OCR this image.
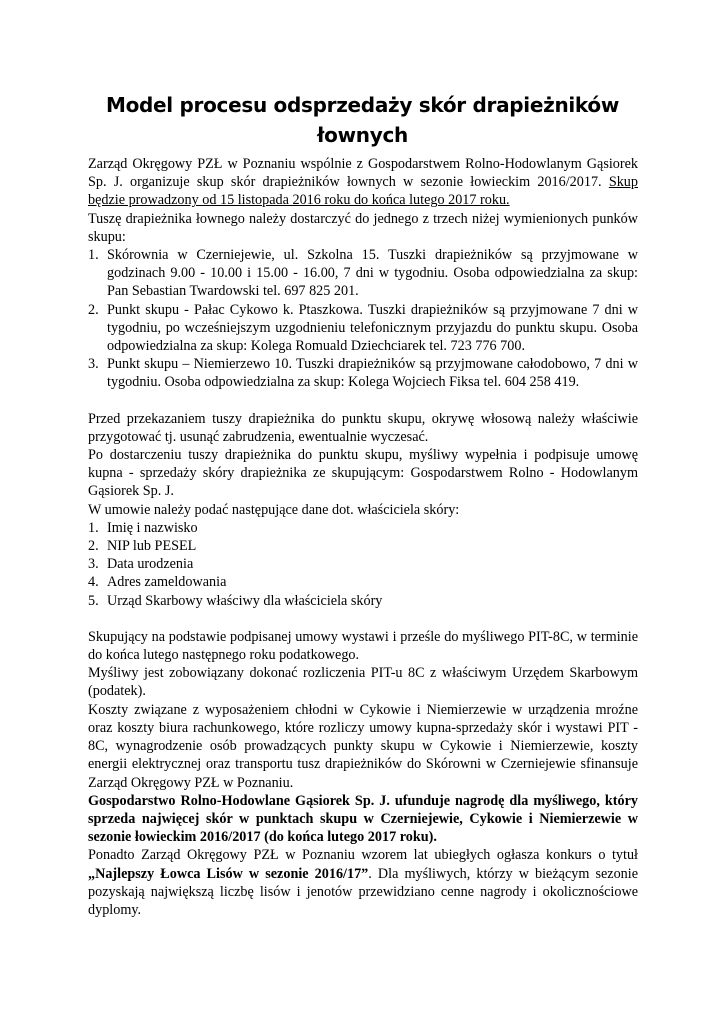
Model procesu odsprzedaży skór drapieżników łownych

Zarząd Okręgowy PZŁ w Poznaniu wspólnie z Gospodarstwem Rolno-Hodowlanym Gąsiorek Sp. J. organizuje skup skór drapieżników łownych w sezonie łowieckim 2016/2017. Skup będzie prowadzony od 15 listopada 2016 roku do końca lutego 2017 roku.

Tuszę drapieżnika łownego należy dostarczyć do jednego z trzech niżej wymienionych punków skupu:

1. Skórownia w Czerniejewie, ul. Szkolna 15. Tuszki drapieżników są przyjmowane w godzinach 9.00 - 10.00 i 15.00 - 16.00, 7 dni w tygodniu. Osoba odpowiedzialna za skup: Pan Sebastian Twardowski tel. 697 825 201.
2. Punkt skupu - Pałac Cykowo k. Ptaszkowa. Tuszki drapieżników są przyjmowane 7 dni w tygodniu, po wcześniejszym uzgodnieniu telefonicznym przyjazdu do punktu skupu. Osoba odpowiedzialna za skup: Kolega Romuald Dziechciarek tel. 723 776 700.
3. Punkt skupu – Niemierzewo 10. Tuszki drapieżników są przyjmowane całodobowo, 7 dni w tygodniu. Osoba odpowiedzialna za skup: Kolega Wojciech Fiksa tel. 604 258 419.

Przed przekazaniem tuszy drapieżnika do punktu skupu, okrywę włosową należy właściwie przygotować tj. usunąć zabrudzenia, ewentualnie wyczesać.

Po dostarczeniu tuszy drapieżnika do punktu skupu, myśliwy wypełnia i podpisuje umowę kupna - sprzedaży skóry drapieżnika ze skupującym: Gospodarstwem Rolno - Hodowlanym Gąsiorek Sp. J.

W umowie należy podać następujące dane dot. właściciela skóry:

1. Imię i nazwisko
2. NIP lub PESEL
3. Data urodzenia
4. Adres zameldowania
5. Urząd Skarbowy właściwy dla właściciela skóry

Skupujący na podstawie podpisanej umowy wystawi i prześle do myśliwego PIT-8C, w terminie do końca lutego następnego roku podatkowego.

Myśliwy jest zobowiązany dokonać rozliczenia PIT-u 8C z właściwym Urzędem Skarbowym (podatek).

Koszty związane z wyposażeniem chłodni w Cykowie i Niemierzewie w urządzenia mroźne oraz koszty biura rachunkowego, które rozliczy umowy kupna-sprzedaży skór i wystawi PIT - 8C, wynagrodzenie osób prowadzących punkty skupu w Cykowie i Niemierzewie, koszty energii elektrycznej oraz transportu tusz drapieżników do Skórowni w Czerniejewie sfinansuje Zarząd Okręgowy PZŁ w Poznaniu.

Gospodarstwo Rolno-Hodowlane Gąsiorek Sp. J. ufunduje nagrodę dla myśliwego, który sprzeda najwięcej skór w punktach skupu w Czerniejewie, Cykowie i Niemierzewie w sezonie łowieckim 2016/2017 (do końca lutego 2017 roku).

Ponadto Zarząd Okręgowy PZŁ w Poznaniu wzorem lat ubiegłych ogłasza konkurs o tytuł „Najlepszy Łowca Lisów w sezonie 2016/17”. Dla myśliwych, którzy w bieżącym sezonie pozyskają największą liczbę lisów i jenotów przewidziano cenne nagrody i okolicznościowe dyplomy.
